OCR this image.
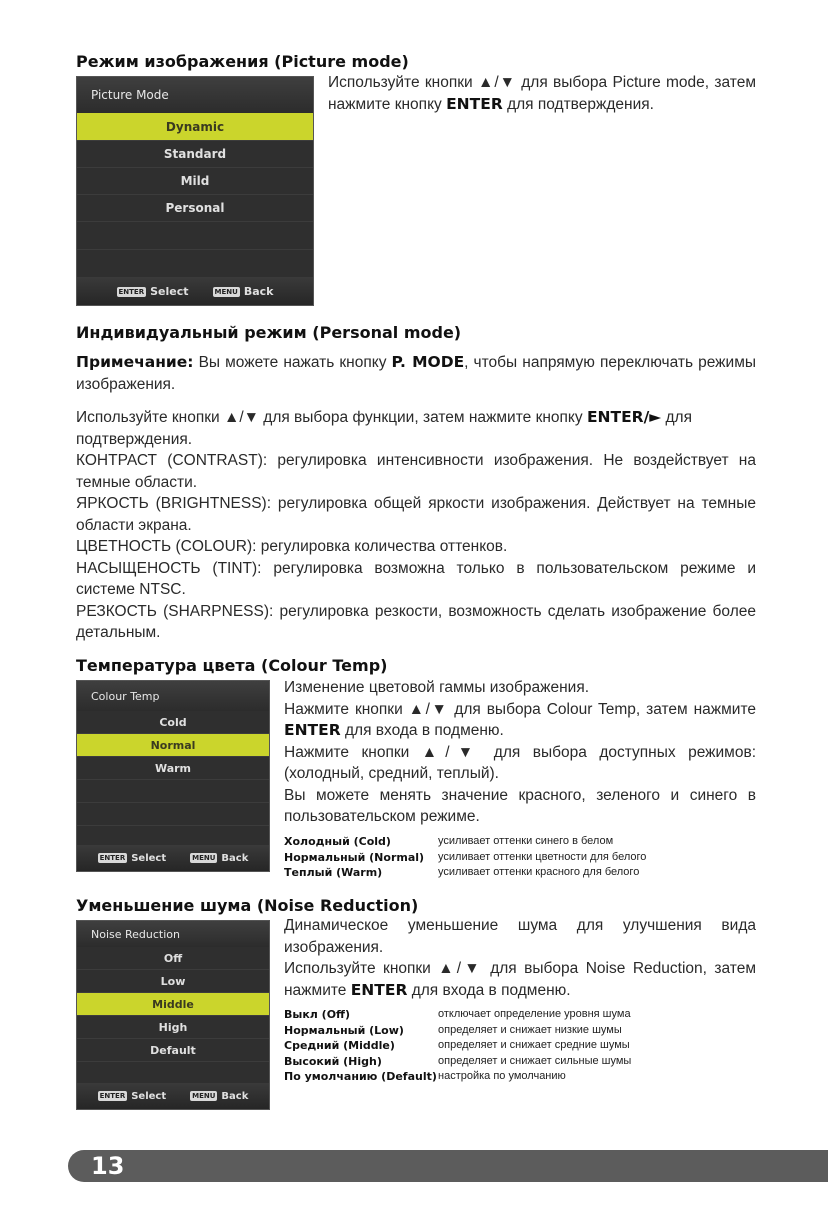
Режим изображения (Picture mode)
Picture Mode
Dynamic
Standard
Mild
Personal
ENTER Select	MENU Back
Используйте кнопки ▲/▼ для выбора Picture mode, затем нажмите кнопку ENTER для подтверждения.
Индивидуальный режим (Personal mode)

Примечание: Вы можете нажать кнопку P. MODE, чтобы напрямую переключать режимы изображения.

Используйте кнопки ▲/▼ для выбора функции, затем нажмите кнопку ENTER/► для подтверждения.

КОНТРАСТ (CONTRAST): регулировка интенсивности изображения. Не воздействует на темные области.

ЯРКОСТЬ (BRIGHTNESS): регулировка общей яркости изображения. Действует на темные области экрана.

ЦВЕТНОСТЬ (COLOUR): регулировка количества оттенков.

НАСЫЩЕНОСТЬ (TINT): регулировка возможна только в пользовательском режиме и системе NTSC.

РЕЗКОСТЬ (SHARPNESS): регулировка резкости, возможность сделать изображение более детальным.

Температура цвета (Colour Temp)
Colour Temp
Cold
Normal
Warm
ENTER Select	MENU Back

Изменение цветовой гаммы изображения.

Нажмите кнопки ▲/▼ для выбора Colour Temp, затем нажмите ENTER для входа в подменю.

Нажмите кнопки ▲/▼ для выбора доступных режимов: (холодный, средний, теплый).

Вы можете менять значение красного, зеленого и синего в пользовательском режиме.

Холодный (Cold)	усиливает оттенки синего в белом
Нормальный (Normal)	усиливает оттенки цветности для белого
Теплый (Warm)	усиливает оттенки красного для белого
Уменьшение шума (Noise Reduction)
Noise Reduction
Off
Low
Middle
High
Default
ENTER Select	MENU Back

Динамическое уменьшение шума для улучшения вида изображения.

Используйте кнопки ▲/▼ для выбора Noise Reduction, затем нажмите ENTER для входа в подменю.

Выкл (Off)	отключает определение уровня шума
Нормальный (Low)	определяет и снижает низкие шумы
Средний (Middle)	определяет и снижает средние шумы
Высокий (High)	определяет и снижает сильные шумы
По умолчанию (Default) настройка по умолчанию
13
